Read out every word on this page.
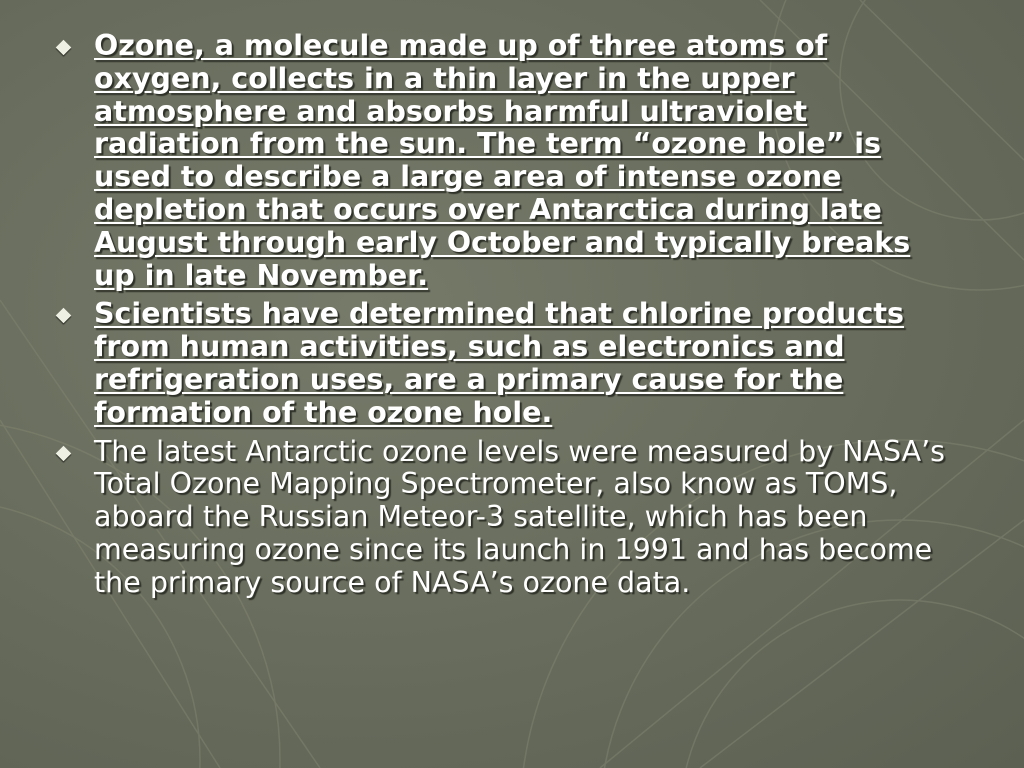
Ozone, a molecule made up of three atoms of oxygen, collects in a thin layer in the upper atmosphere and absorbs harmful ultraviolet radiation from the sun. The term “ozone hole” is used to describe a large area of intense ozone depletion that occurs over Antarctica during late August through early October and typically breaks up in late November.
Scientists have determined that chlorine products from human activities, such as electronics and refrigeration uses, are a primary cause for the formation of the ozone hole.
The latest Antarctic ozone levels were measured by NASA’s Total Ozone Mapping Spectrometer, also know as TOMS, aboard the Russian Meteor-3 satellite, which has been measuring ozone since its launch in 1991 and has become the primary source of NASA’s ozone data.
